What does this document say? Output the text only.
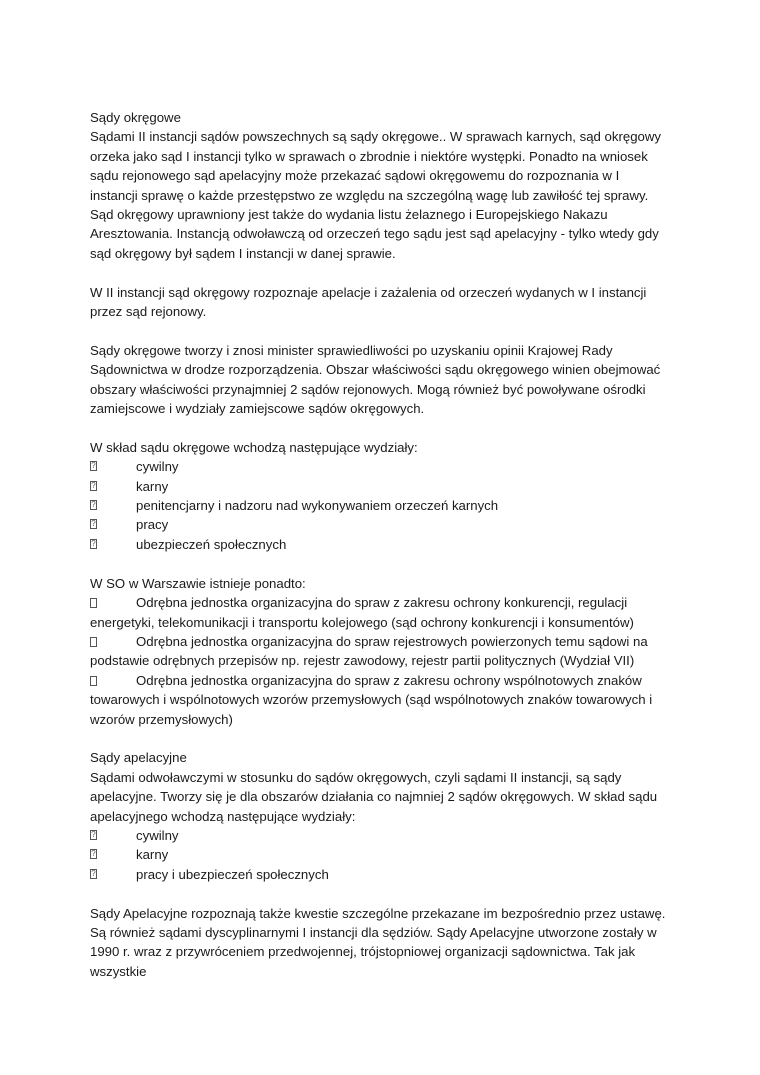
Sądy okręgowe

Sądami II instancji sądów powszechnych są sądy okręgowe.. W sprawach karnych, sąd okręgowy orzeka jako sąd I instancji tylko w sprawach o zbrodnie i niektóre występki. Ponadto na wniosek sądu rejonowego sąd apelacyjny może przekazać sądowi okręgowemu do rozpoznania w I instancji sprawę o każde przestępstwo ze względu na szczególną wagę lub zawiłość tej sprawy. Sąd okręgowy uprawniony jest także do wydania listu żelaznego i Europejskiego Nakazu Aresztowania. Instancją odwoławczą od orzeczeń tego sądu jest sąd apelacyjny - tylko wtedy gdy sąd okręgowy był sądem I instancji w danej sprawie.

W II instancji sąd okręgowy rozpoznaje apelacje i zażalenia od orzeczeń wydanych w I instancji przez sąd rejonowy.

Sądy okręgowe tworzy i znosi minister sprawiedliwości po uzyskaniu opinii Krajowej Rady Sądownictwa w drodze rozporządzenia. Obszar właściwości sądu okręgowego winien obejmować obszary właściwości przynajmniej 2 sądów rejonowych. Mogą również być powoływane ośrodki zamiejscowe i wydziały zamiejscowe sądów okręgowych.

W skład sądu okręgowe wchodzą następujące wydziały:

?
cywilny
?
karny
?
penitencjarny i nadzoru nad wykonywaniem orzeczeń karnych
?
pracy
?
ubezpieczeń społecznych

W SO w Warszawie istnieje ponadto:

Odrębna jednostka organizacyjna do spraw z zakresu ochrony konkurencji, regulacji energetyki, telekomunikacji i transportu kolejowego (sąd ochrony konkurencji i konsumentów)

Odrębna jednostka organizacyjna do spraw rejestrowych powierzonych temu sądowi na podstawie odrębnych przepisów np. rejestr zawodowy, rejestr partii politycznych (Wydział VII)

Odrębna jednostka organizacyjna do spraw z zakresu ochrony wspólnotowych znaków towarowych i wspólnotowych wzorów przemysłowych (sąd wspólnotowych znaków towarowych i wzorów przemysłowych)

Sądy apelacyjne

Sądami odwoławczymi w stosunku do sądów okręgowych, czyli sądami II instancji, są sądy apelacyjne. Tworzy się je dla obszarów działania co najmniej 2 sądów okręgowych. W skład sądu apelacyjnego wchodzą następujące wydziały:

?
cywilny
?
karny
?
pracy i ubezpieczeń społecznych

Sądy Apelacyjne rozpoznają także kwestie szczególne przekazane im bezpośrednio przez ustawę. Są również sądami dyscyplinarnymi I instancji dla sędziów. Sądy Apelacyjne utworzone zostały w 1990 r. wraz z przywróceniem przedwojennej, trójstopniowej organizacji sądownictwa. Tak jak wszystkie
